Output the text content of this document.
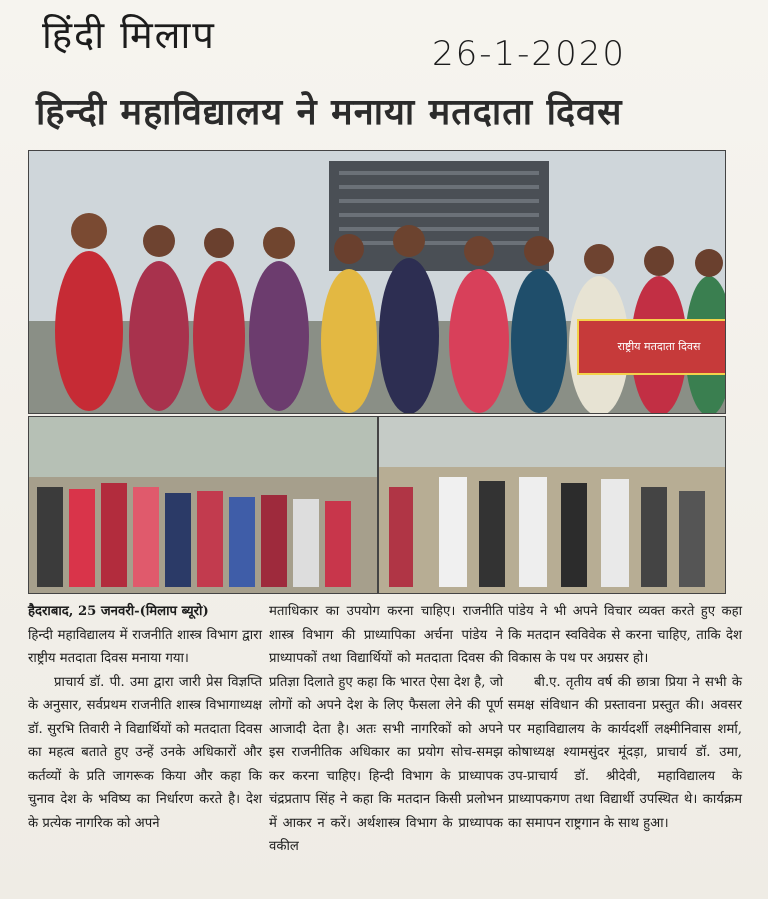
हिंदी मिलाप	26-1-2020
हिन्दी महाविद्यालय ने मनाया मतदाता दिवस
राष्ट्रीय मतदाता दिवस

हैदराबाद, 25 जनवरी-(मिलाप ब्यूरो)

हिन्दी महाविद्यालय में राजनीति शास्त्र विभाग द्वारा राष्ट्रीय मतदाता दिवस मनाया गया।

प्राचार्य डॉ. पी. उमा द्वारा जारी प्रेस विज्ञप्ति के अनुसार, सर्वप्रथम राजनीति शास्त्र विभागाध्यक्ष डॉ. सुरभि तिवारी ने विद्यार्थियों को मतदाता दिवस का महत्व बताते हुए उन्हें उनके अधिकारों और कर्तव्यों के प्रति जागरूक किया और कहा कि चुनाव देश के भविष्य का निर्धारण करते है। देश के प्रत्येक नागरिक को अपने

मताधिकार का उपयोग करना चाहिए। राजनीति शास्त्र विभाग की प्राध्यापिका अर्चना पांडेय ने प्राध्यापकों तथा विद्यार्थियों को मतदाता दिवस की प्रतिज्ञा दिलाते हुए कहा कि भारत ऐसा देश है, जो लोगों को अपने देश के लिए फैसला लेने की पूर्ण आजादी देता है। अतः सभी नागरिकों को अपने इस राजनीतिक अधिकार का प्रयोग सोच-समझ कर करना चाहिए। हिन्दी विभाग के प्राध्यापक चंद्रप्रताप सिंह ने कहा कि मतदान किसी प्रलोभन में आकर न करें। अर्थशास्त्र विभाग के प्राध्यापक वकील

पांडेय ने भी अपने विचार व्यक्त करते हुए कहा कि मतदान स्वविवेक से करना चाहिए, ताकि देश विकास के पथ पर अग्रसर हो।

बी.ए. तृतीय वर्ष की छात्रा प्रिया ने सभी के समक्ष संविधान की प्रस्तावना प्रस्तुत की। अवसर पर महाविद्यालय के कार्यदर्शी लक्ष्मीनिवास शर्मा, कोषाध्यक्ष श्यामसुंदर मूंदड़ा, प्राचार्य डॉ. उमा, उप-प्राचार्य डॉ. श्रीदेवी, महाविद्यालय के प्राध्यापकगण तथा विद्यार्थी उपस्थित थे। कार्यक्रम का समापन राष्ट्रगान के साथ हुआ।
